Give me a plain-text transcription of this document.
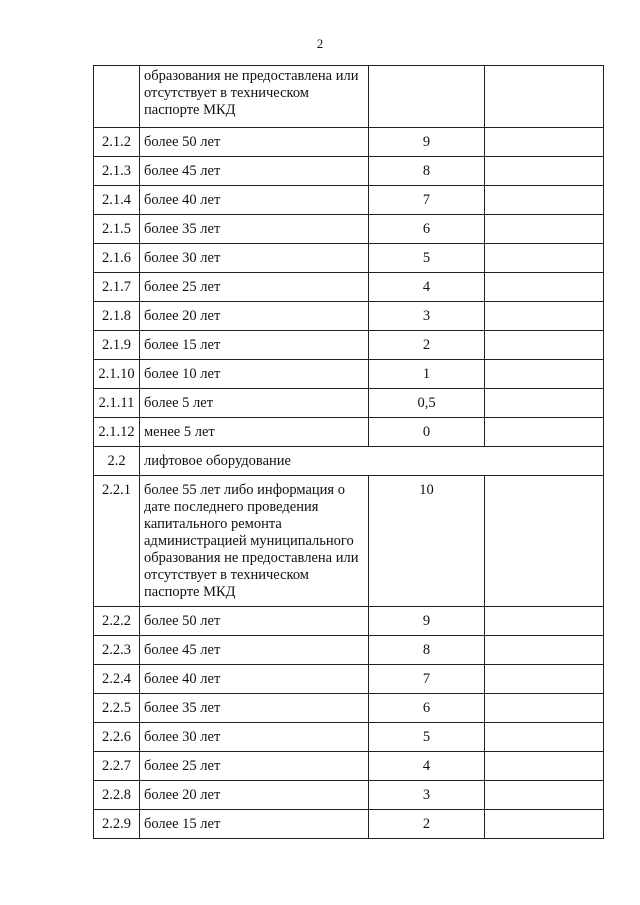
2
	образования не предоставлена или отсутствует в техническом паспорте МКД		
2.1.2	более 50 лет	9	
2.1.3	более 45 лет	8	
2.1.4	более 40 лет	7	
2.1.5	более 35 лет	6	
2.1.6	более 30 лет	5	
2.1.7	более 25 лет	4	
2.1.8	более 20 лет	3	
2.1.9	более 15 лет	2	
2.1.10	более 10 лет	1	
2.1.11	более 5 лет	0,5	
2.1.12	менее 5 лет	0	
2.2	лифтовое оборудование		
2.2.1	более 55 лет либо информация о дате последнего проведения капитального ремонта администрацией муниципального образования не предоставлена или отсутствует в техническом паспорте МКД	10	
2.2.2	более 50 лет	9	
2.2.3	более 45 лет	8	
2.2.4	более 40 лет	7	
2.2.5	более 35 лет	6	
2.2.6	более 30 лет	5	
2.2.7	более 25 лет	4	
2.2.8	более 20 лет	3	
2.2.9	более 15 лет	2	
